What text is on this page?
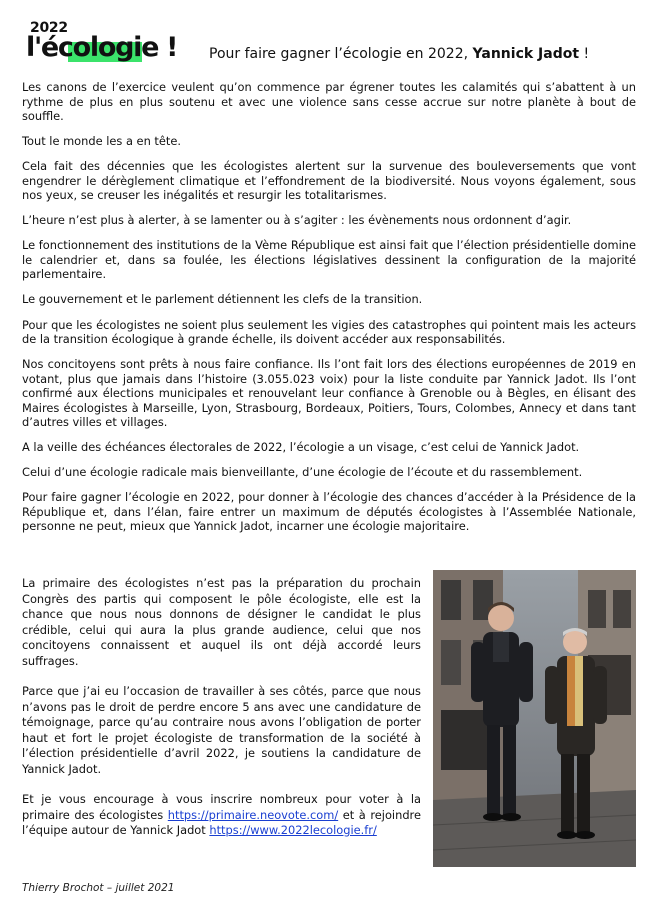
2022
l'écologie ! Pour faire gagner l’écologie en 2022, Yannick Jadot !

Les canons de l’exercice veulent qu’on commence par égrener toutes les calamités qui s’abattent à un rythme de plus en plus soutenu et avec une violence sans cesse accrue sur notre planète à bout de souffle.

Tout le monde les a en tête.

Cela fait des décennies que les écologistes alertent sur la survenue des bouleversements que vont engendrer le dérèglement climatique et l’effondrement de la biodiversité. Nous voyons également, sous nos yeux, se creuser les inégalités et resurgir les totalitarismes.

L’heure n’est plus à alerter, à se lamenter ou à s’agiter : les évènements nous ordonnent d’agir.

Le fonctionnement des institutions de la Vème République est ainsi fait que l’élection présidentielle domine le calendrier et, dans sa foulée, les élections législatives dessinent la configuration de la majorité parlementaire.

Le gouvernement et le parlement détiennent les clefs de la transition.

Pour que les écologistes ne soient plus seulement les vigies des catastrophes qui pointent mais les acteurs de la transition écologique à grande échelle, ils doivent accéder aux responsabilités.

Nos concitoyens sont prêts à nous faire confiance. Ils l’ont fait lors des élections européennes de 2019 en votant, plus que jamais dans l’histoire (3.055.023 voix) pour la liste conduite par Yannick Jadot. Ils l’ont confirmé aux élections municipales et renouvelant leur confiance à Grenoble ou à Bègles, en élisant des Maires écologistes à Marseille, Lyon, Strasbourg, Bordeaux, Poitiers, Tours, Colombes, Annecy et dans tant d’autres villes et villages.

A la veille des échéances électorales de 2022, l’écologie a un visage, c’est celui de Yannick Jadot.

Celui d’une écologie radicale mais bienveillante, d’une écologie de l’écoute et du rassemblement.

Pour faire gagner l’écologie en 2022, pour donner à l’écologie des chances d’accéder à la Présidence de la République et, dans l’élan, faire entrer un maximum de députés écologistes à l’Assemblée Nationale, personne ne peut, mieux que Yannick Jadot, incarner une écologie majoritaire.

La primaire des écologistes n’est pas la préparation du prochain Congrès des partis qui composent le pôle écologiste, elle est la chance que nous nous donnons de désigner le candidat le plus crédible, celui qui aura la plus grande audience, celui que nos concitoyens connaissent et auquel ils ont déjà accordé leurs suffrages.

Parce que j’ai eu l’occasion de travailler à ses côtés, parce que nous n’avons pas le droit de perdre encore 5 ans avec une candidature de témoignage, parce qu’au contraire nous avons l’obligation de porter haut et fort le projet écologiste de transformation de la société à l’élection présidentielle d’avril 2022, je soutiens la candidature de Yannick Jadot.

Et je vous encourage à vous inscrire nombreux pour voter à la primaire des écologistes https://primaire.neovote.com/ et à rejoindre l’équipe autour de Yannick Jadot https://www.2022lecologie.fr/

Thierry Brochot – juillet 2021
